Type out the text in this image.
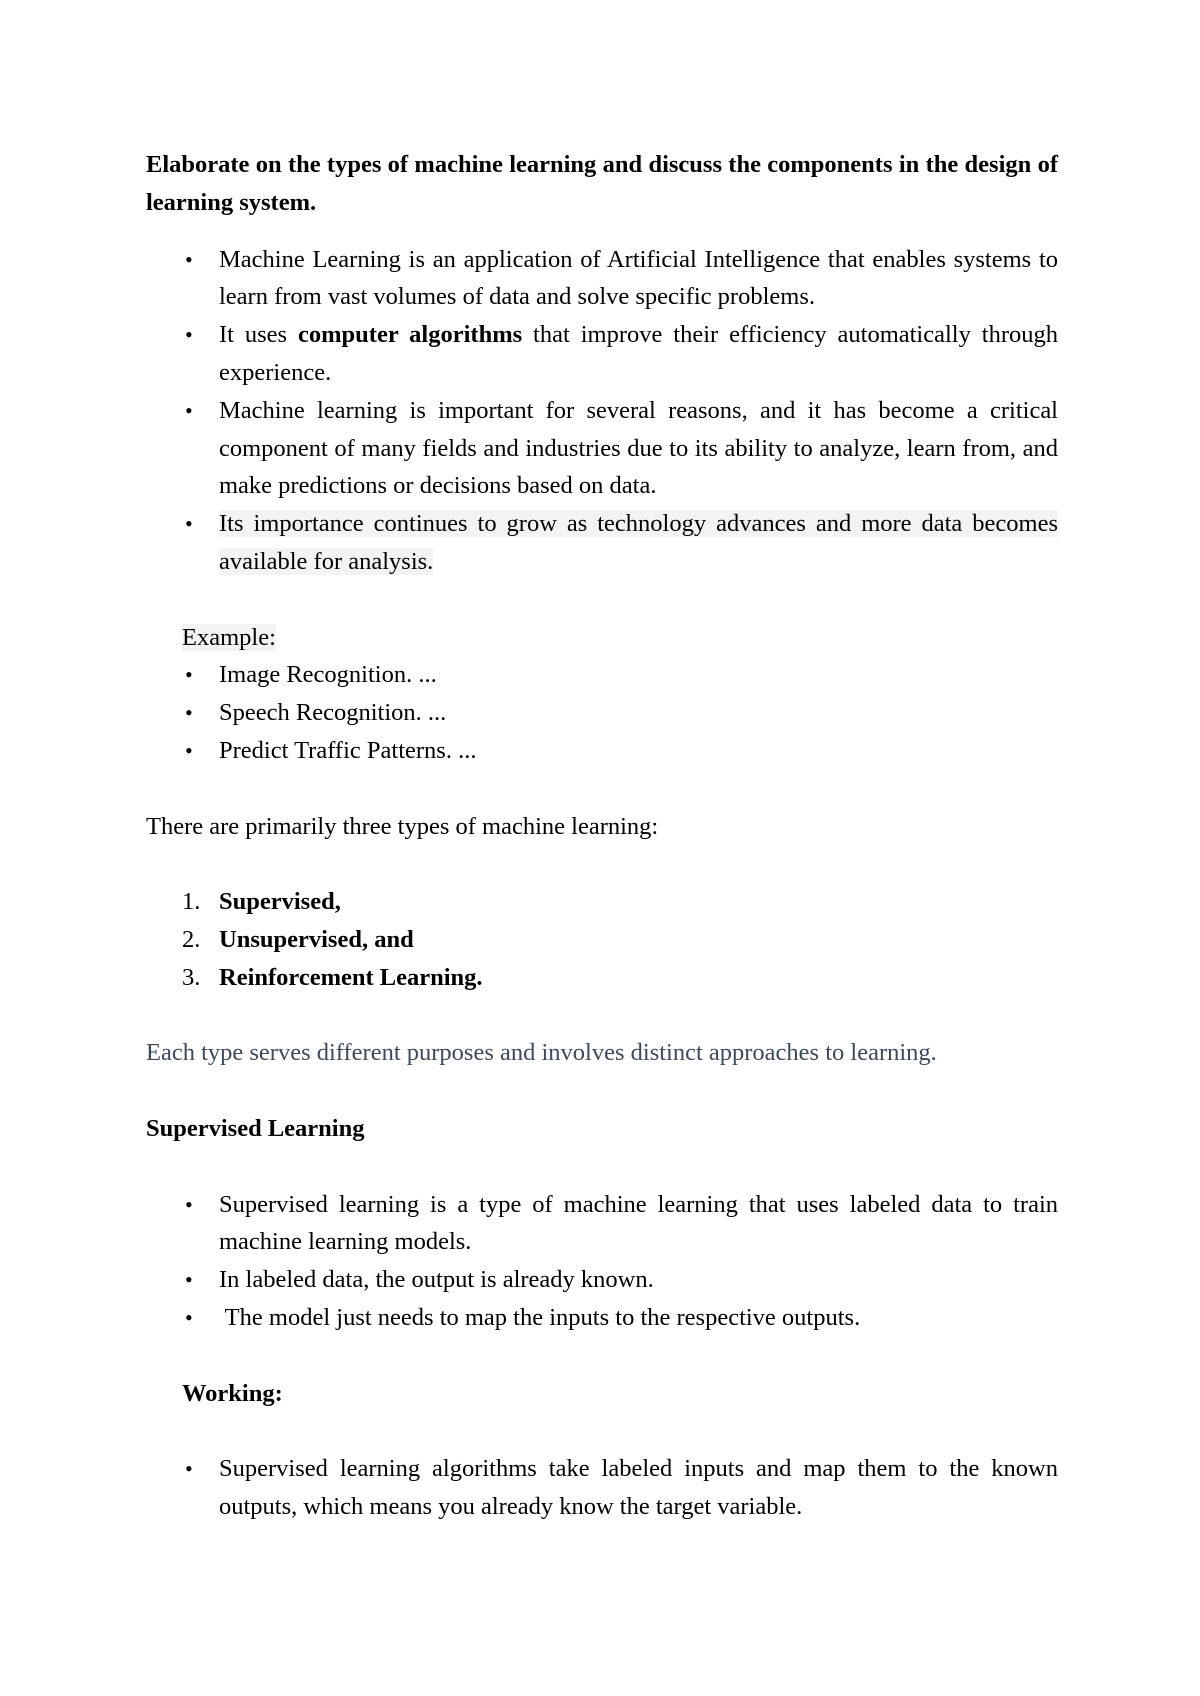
Elaborate on the types of machine learning and discuss the components in the design of learning system.

• Machine Learning is an application of Artificial Intelligence that enables systems to learn from vast volumes of data and solve specific problems.
• It uses computer algorithms that improve their efficiency automatically through experience.
• Machine learning is important for several reasons, and it has become a critical component of many fields and industries due to its ability to analyze, learn from, and make predictions or decisions based on data.
• Its importance continues to grow as technology advances and more data becomes available for analysis.

Example:

• Image Recognition. ...
• Speech Recognition. ...
• Predict Traffic Patterns. ...

There are primarily three types of machine learning:

1. Supervised,
2. Unsupervised, and
3. Reinforcement Learning.

Each type serves different purposes and involves distinct approaches to learning.

Supervised Learning

• Supervised learning is a type of machine learning that uses labeled data to train machine learning models.
• In labeled data, the output is already known.
• The model just needs to map the inputs to the respective outputs.

Working:

• Supervised learning algorithms take labeled inputs and map them to the known outputs, which means you already know the target variable.
